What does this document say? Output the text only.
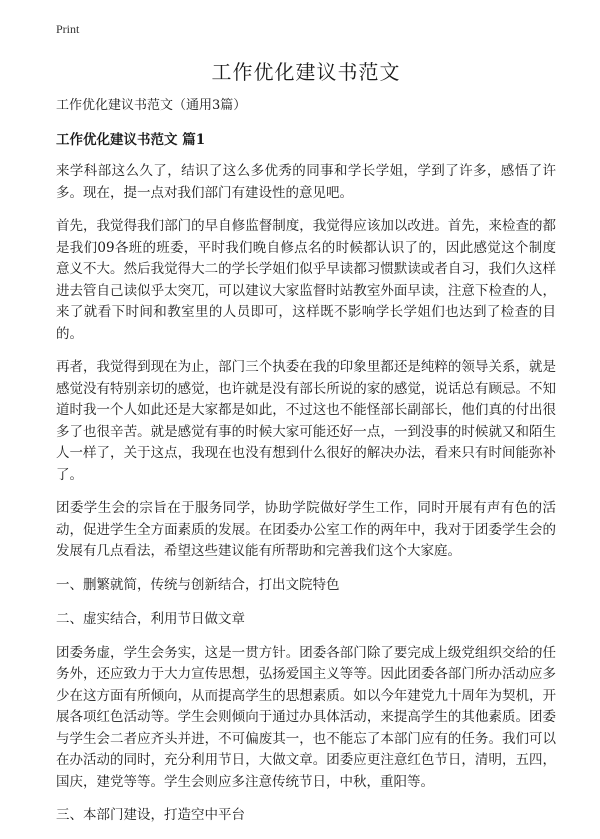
Print
工作优化建议书范文
工作优化建议书范文（通用3篇）
工作优化建议书范文 篇1
来学科部这么久了，结识了这么多优秀的同事和学长学姐，学到了许多，感悟了许多。现在，提一点对我们部门有建设性的意见吧。
首先，我觉得我们部门的早自修监督制度，我觉得应该加以改进。首先，来检查的都是我们09各班的班委，平时我们晚自修点名的时候都认识了的，因此感觉这个制度意义不大。然后我觉得大二的学长学姐们似乎早读都习惯默读或者自习，我们久这样进去管自己读似乎太突兀，可以建议大家监督时站教室外面早读，注意下检查的人，来了就看下时间和教室里的人员即可，这样既不影响学长学姐们也达到了检查的目的。
再者，我觉得到现在为止，部门三个执委在我的印象里都还是纯粹的领导关系，就是感觉没有特别亲切的感觉，也许就是没有部长所说的家的感觉，说话总有顾忌。不知道时我一个人如此还是大家都是如此，不过这也不能怪部长副部长，他们真的付出很多了也很辛苦。就是感觉有事的时候大家可能还好一点，一到没事的时候就又和陌生人一样了，关于这点，我现在也没有想到什么很好的解决办法，看来只有时间能弥补了。
团委学生会的宗旨在于服务同学，协助学院做好学生工作，同时开展有声有色的活动，促进学生全方面素质的发展。在团委办公室工作的两年中，我对于团委学生会的发展有几点看法，希望这些建议能有所帮助和完善我们这个大家庭。
一、删繁就简，传统与创新结合，打出文院特色
二、虚实结合，利用节日做文章
团委务虚，学生会务实，这是一贯方针。团委各部门除了要完成上级党组织交给的任务外，还应致力于大力宣传思想，弘扬爱国主义等等。因此团委各部门所办活动应多少在这方面有所倾向，从而提高学生的思想素质。如以今年建党九十周年为契机，开展各项红色活动等。学生会则倾向于通过办具体活动，来提高学生的其他素质。团委与学生会二者应齐头并进，不可偏废其一，也不能忘了本部门应有的任务。我们可以在办活动的同时，充分利用节日，大做文章。团委应更注意红色节日，清明，五四，国庆，建党等等。学生会则应多注意传统节日，中秋，重阳等。
三、本部门建设，打造空中平台
